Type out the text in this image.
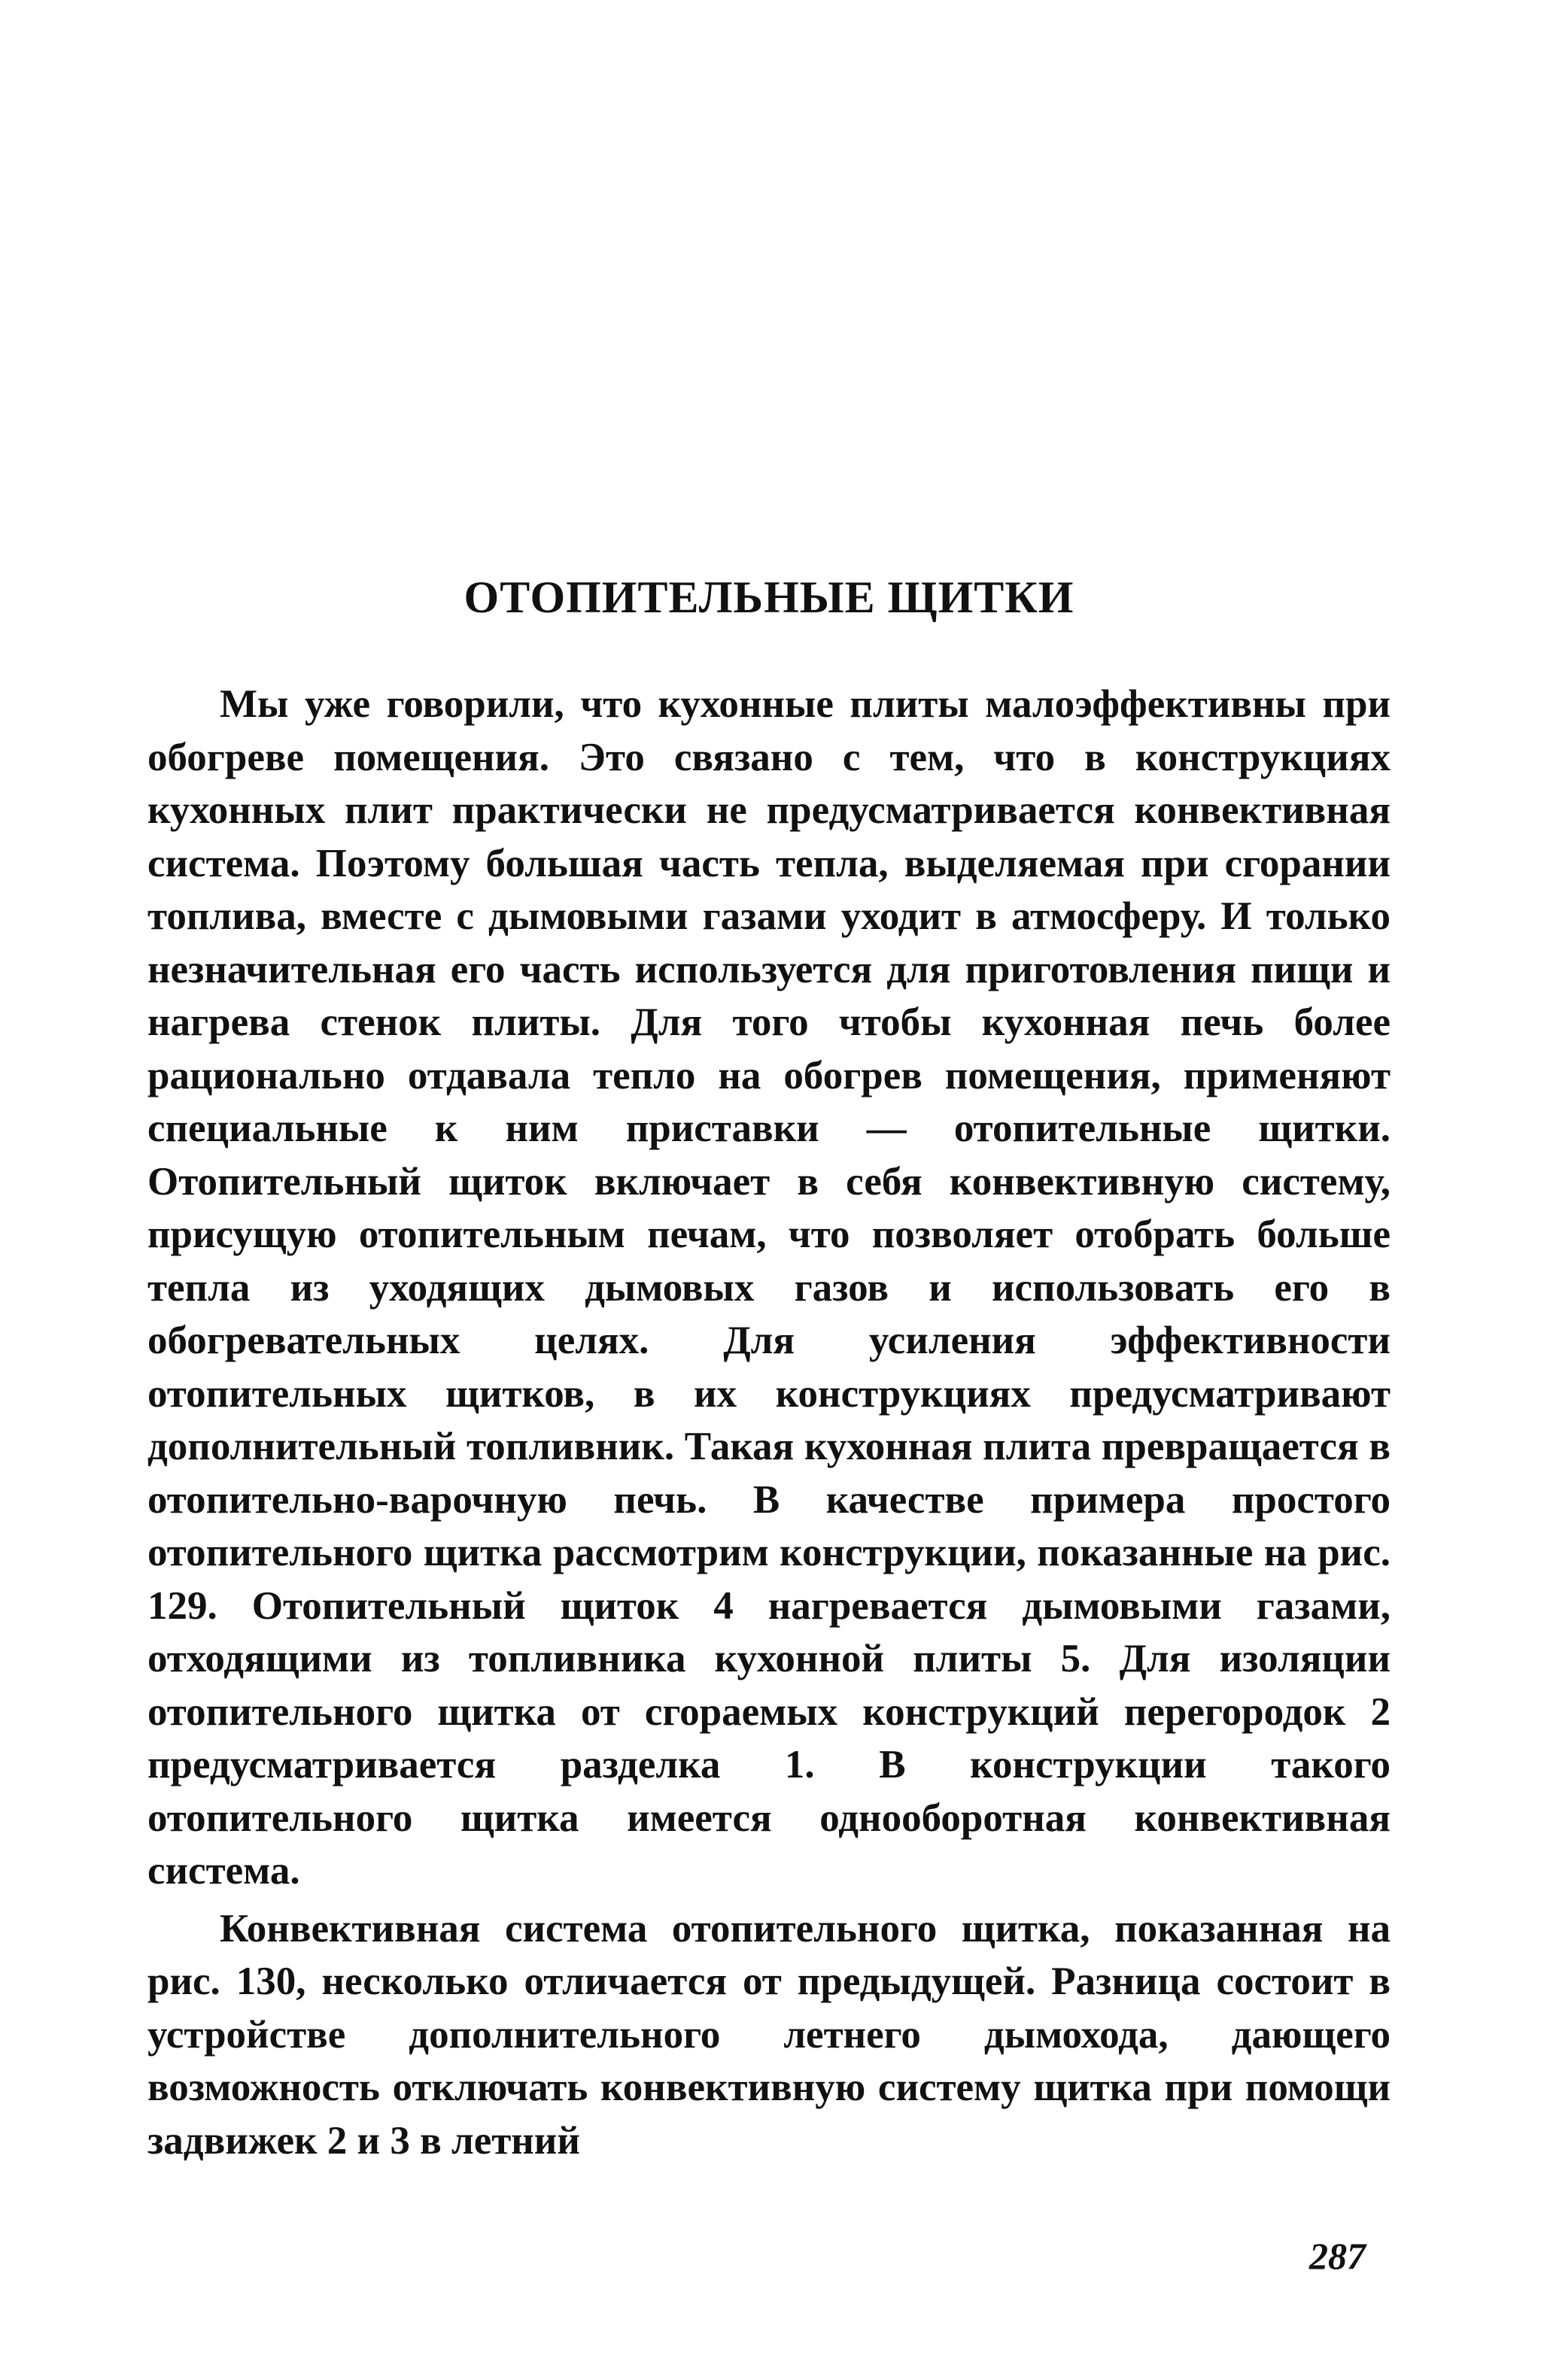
ОТОПИТЕЛЬНЫЕ ЩИТКИ

Мы уже говорили, что кухонные плиты малоэффективны при обогреве помещения. Это связано с тем, что в конструкциях кухонных плит практически не предусматривается конвективная система. Поэтому большая часть тепла, выделяемая при сгорании топлива, вместе с дымовыми газами уходит в атмосферу. И только незначительная его часть используется для приготовления пищи и нагрева стенок плиты. Для того чтобы кухонная печь более рационально отдавала тепло на обогрев помещения, применяют специальные к ним приставки — отопительные щитки. Отопительный щиток включает в себя конвективную систему, присущую отопительным печам, что позволяет отобрать больше тепла из уходящих дымовых газов и использовать его в обогревательных целях. Для усиления эффективности отопительных щитков, в их конструкциях предусматривают дополнительный топливник. Такая кухонная плита превращается в отопительно-варочную печь. В качестве примера простого отопительного щитка рассмотрим конструкции, показанные на рис. 129. Отопительный щиток 4 нагревается дымовыми газами, отходящими из топливника кухонной плиты 5. Для изоляции отопительного щитка от сгораемых конструкций перегородок 2 предусматривается разделка 1. В конструкции такого отопительного щитка имеется однооборотная конвективная система.

Конвективная система отопительного щитка, показанная на рис. 130, несколько отличается от предыдущей. Разница состоит в устройстве дополнительного летнего дымохода, дающего возможность отключать конвективную систему щитка при помощи задвижек 2 и 3 в летний

287
